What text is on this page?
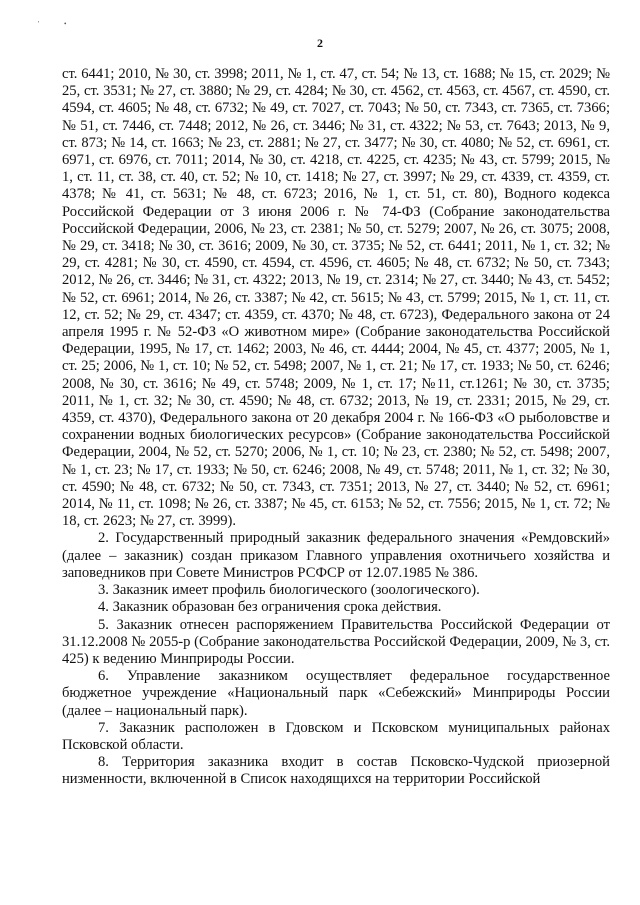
'	•
2

ст. 6441; 2010, № 30, ст. 3998; 2011, № 1, ст. 47, ст. 54; № 13, ст. 1688; № 15, ст. 2029; № 25, ст. 3531; № 27, ст. 3880; № 29, ст. 4284; № 30, ст. 4562, ст. 4563, ст. 4567, ст. 4590, ст. 4594, ст. 4605; № 48, ст. 6732; № 49, ст. 7027, ст. 7043; № 50, ст. 7343, ст. 7365, ст. 7366; № 51, ст. 7446, ст. 7448; 2012, № 26, ст. 3446; № 31, ст. 4322; № 53, ст. 7643; 2013, № 9, ст. 873; № 14, ст. 1663; № 23, ст. 2881; № 27, ст. 3477; № 30, ст. 4080; № 52, ст. 6961, ст. 6971, ст. 6976, ст. 7011; 2014, № 30, ст. 4218, ст. 4225, ст. 4235; № 43, ст. 5799; 2015, № 1, ст. 11, ст. 38, ст. 40, ст. 52; № 10, ст. 1418; № 27, ст. 3997; № 29, ст. 4339, ст. 4359, ст. 4378; № 41, ст. 5631; № 48, ст. 6723; 2016, № 1, ст. 51, ст. 80), Водного кодекса Российской Федерации от 3 июня 2006 г. № 74-ФЗ (Собрание законодательства Российской Федерации, 2006, № 23, ст. 2381; № 50, ст. 5279; 2007, № 26, ст. 3075; 2008, № 29, ст. 3418; № 30, ст. 3616; 2009, № 30, ст. 3735; № 52, ст. 6441; 2011, № 1, ст. 32; № 29, ст. 4281; № 30, ст. 4590, ст. 4594, ст. 4596, ст. 4605; № 48, ст. 6732; № 50, ст. 7343; 2012, № 26, ст. 3446; № 31, ст. 4322; 2013, № 19, ст. 2314; № 27, ст. 3440; № 43, ст. 5452; № 52, ст. 6961; 2014, № 26, ст. 3387; № 42, ст. 5615; № 43, ст. 5799; 2015, № 1, ст. 11, ст. 12, ст. 52; № 29, ст. 4347; ст. 4359, ст. 4370; № 48, ст. 6723), Федерального закона от 24 апреля 1995 г. № 52-ФЗ «О животном мире» (Собрание законодательства Российской Федерации, 1995, № 17, ст. 1462; 2003, № 46, ст. 4444; 2004, № 45, ст. 4377; 2005, № 1, ст. 25; 2006, № 1, ст. 10; № 52, ст. 5498; 2007, № 1, ст. 21; № 17, ст. 1933; № 50, ст. 6246; 2008, № 30, ст. 3616; № 49, ст. 5748; 2009, № 1, ст. 17; №11, ст.1261; № 30, ст. 3735; 2011, № 1, ст. 32; № 30, ст. 4590; № 48, ст. 6732; 2013, № 19, ст. 2331; 2015, № 29, ст. 4359, ст. 4370), Федерального закона от 20 декабря 2004 г. № 166-ФЗ «О рыболовстве и сохранении водных биологических ресурсов» (Собрание законодательства Российской Федерации, 2004, № 52, ст. 5270; 2006, № 1, ст. 10; № 23, ст. 2380; № 52, ст. 5498; 2007, № 1, ст. 23; № 17, ст. 1933; № 50, ст. 6246; 2008, № 49, ст. 5748; 2011, № 1, ст. 32; № 30, ст. 4590; № 48, ст. 6732; № 50, ст. 7343, ст. 7351; 2013, № 27, ст. 3440; № 52, ст. 6961; 2014, № 11, ст. 1098; № 26, ст. 3387; № 45, ст. 6153; № 52, ст. 7556; 2015, № 1, ст. 72; № 18, ст. 2623; № 27, ст. 3999).

2. Государственный природный заказник федерального значения «Ремдовский» (далее – заказник) создан приказом Главного управления охотничьего хозяйства и заповедников при Совете Министров РСФСР от 12.07.1985 № 386.

3. Заказник имеет профиль биологического (зоологического).

4. Заказник образован без ограничения срока действия.

5. Заказник отнесен распоряжением Правительства Российской Федерации от 31.12.2008 № 2055-р (Собрание законодательства Российской Федерации, 2009, № 3, ст. 425) к ведению Минприроды России.

6. Управление заказником осуществляет федеральное государственное бюджетное учреждение «Национальный парк «Себежский» Минприроды России (далее – национальный парк).

7. Заказник расположен в Гдовском и Псковском муниципальных районах Псковской области.

8. Территория заказника входит в состав Псковско-Чудской приозерной низменности, включенной в Список находящихся на территории Российской
